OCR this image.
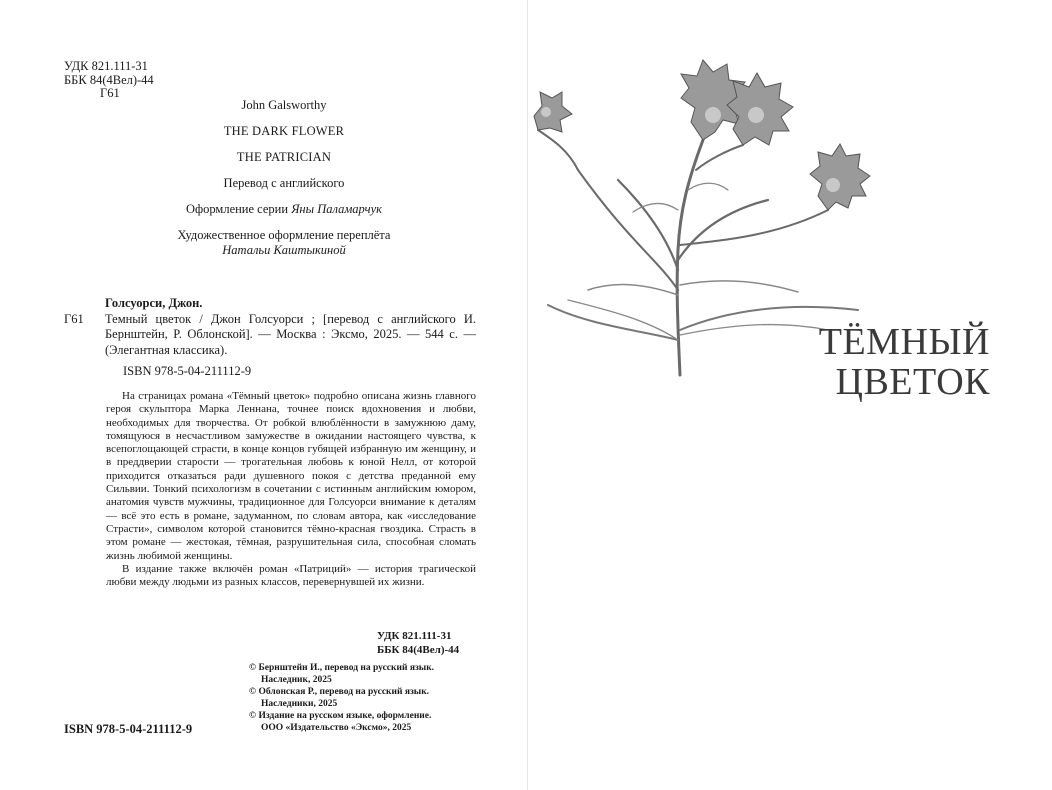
УДК 821.111-31
ББК 84(4Вел)-44
Г61

John Galsworthy

THE DARK FLOWER

THE PATRICIAN

Перевод с английского

Оформление серии Яны Паламарчук

Художественное оформление переплёта

Натальи Каштыкиной

Голсуорси, Джон.
Г61 Темный цветок / Джон Голсуорси ; [перевод с английского И. Бернштейн, Р. Облонской]. — Москва : Эксмо, 2025. — 544 с. — (Элегантная классика).
ISBN 978-5-04-211112-9

На страницах романа «Тёмный цветок» подробно описана жизнь главного героя скульптора Марка Леннана, точнее поиск вдохновения и любви, необходимых для творчества. От робкой влюблённости в замужнюю даму, томящуюся в несчастливом замужестве в ожидании настоящего чувства, к всепоглощающей страсти, в конце концов губящей избранную им женщину, и в преддверии старости — трогательная любовь к юной Нелл, от которой приходится отказаться ради душевного покоя с детства преданной ему Сильвии. Тонкий психологизм в сочетании с истинным английским юмором, анатомия чувств мужчины, традиционное для Голсуорси внимание к деталям — всё это есть в романе, задуманном, по словам автора, как «исследование Страсти», символом которой становится тёмно-красная гвоздика. Страсть в этом романе — жестокая, тёмная, разрушительная сила, способная сломать жизнь любимой женщины.

В издание также включён роман «Патриций» — история трагической любви между людьми из разных классов, перевернувшей их жизни.

УДК 821.111-31
ББК 84(4Вел)-44
© Бернштейн И., перевод на русский язык.
Наследник, 2025
© Облонская Р., перевод на русский язык.
Наследники, 2025
© Издание на русском языке, оформление.
ООО «Издательство «Эксмо», 2025
ISBN 978-5-04-211112-9
ТЁМНЫЙ
ЦВЕТОК
